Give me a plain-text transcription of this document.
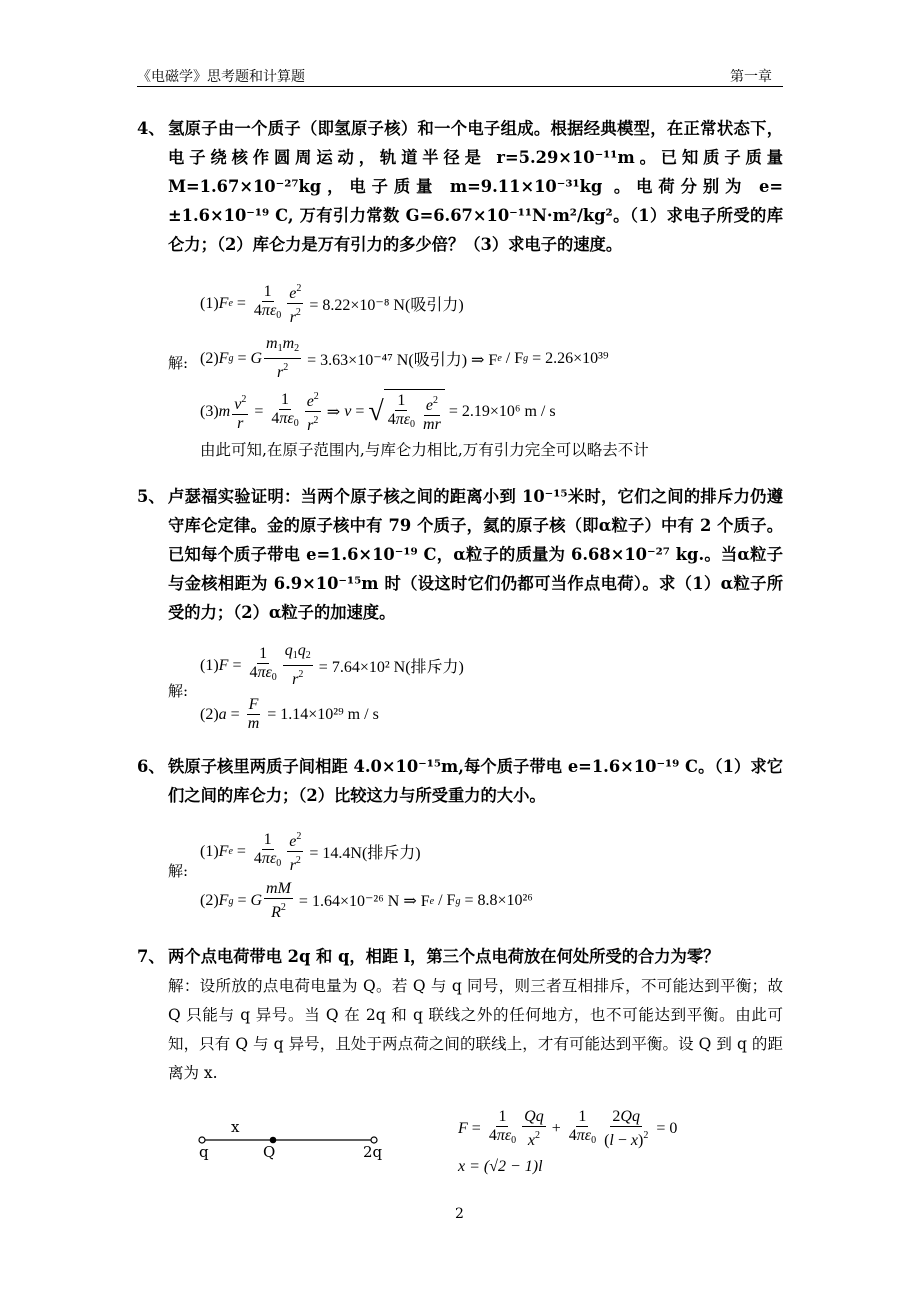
《电磁学》思考题和计算题	第一章
4、 氢原子由一个质子（即氢原子核）和一个电子组成。根据经典模型，在正常状态下，电子绕核作圆周运动，轨道半径是 r=5.29×10⁻¹¹m。已知质子质量 M=1.67×10⁻²⁷kg，电子质量 m=9.11×10⁻³¹kg 。电荷分别为 e= ±1.6×10⁻¹⁹ C, 万有引力常数 G=6.67×10⁻¹¹N·m²/kg²。（1）求电子所受的库仑力；（2）库仑力是万有引力的多少倍？（3）求电子的速度。
(1) F $e = \frac{1}{4\pi\varepsilon_0} \frac{e^2}{r^2}$
= 8.22×10⁻⁸ N(吸引力)
解: (2) F g = G $\frac{m_1m_2}{r^2}$
= 3.63×10⁻⁴⁷ N(吸引力) ⇒ F e
/ F g
= 2.26×10³⁹
(3) m $\frac{v^2}{r} = \frac{1}{4\pi\varepsilon_0} \frac{e^2}{r^2}$ ⇒ v = √ $\frac{1}{4\pi\varepsilon_0} \frac{e^2}{mr}$
= 2.19×10⁶ m / s
由此可知,在原子范围内,与库仑力相比,万有引力完全可以略去不计
5、 卢瑟福实验证明：当两个原子核之间的距离小到 10⁻¹⁵米时，它们之间的排斥力仍遵守库仑定律。金的原子核中有 79 个质子，氦的原子核（即α粒子）中有 2 个质子。已知每个质子带电 e=1.6×10⁻¹⁹ C，α粒子的质量为 6.68×10⁻²⁷ kg.。当α粒子与金核相距为 6.9×10⁻¹⁵m 时（设这时它们仍都可当作点电荷）。求（1）α粒子所受的力；（2）α粒子的加速度。
(1) $F = \frac{1}{4\pi\varepsilon_0} \frac{q_1q_2}{r^2}$
= 7.64×10² N(排斥力)
解:
(2) $a = \frac{F}{m}$
= 1.14×10²⁹ m / s
6、 铁原子核里两质子间相距 4.0×10⁻¹⁵m,每个质子带电 e=1.6×10⁻¹⁹ C。（1）求它们之间的库仑力；（2）比较这力与所受重力的大小。
(1) F $e = \frac{1}{4\pi\varepsilon_0} \frac{e^2}{r^2}$
= 14.4N(排斥力)
解:
(2) F g = G $\frac{mM}{R^2}$
= 1.64×10⁻²⁶ N ⇒ F e
/ F g
= 8.8×10²⁶
7、 两个点电荷带电 2q 和 q，相距 l，第三个点电荷放在何处所受的合力为零？
解：设所放的点电荷电量为 Q。若 Q 与 q 同号，则三者互相排斥，不可能达到平衡；故 Q 只能与 q 异号。当 Q 在 2q 和 q 联线之外的任何地方，也不可能达到平衡。由此可知，只有 Q 与 q 异号，且处于两点荷之间的联线上，才有可能达到平衡。设 Q 到 q 的距离为 x.
x
q	Q	2q
$F = \frac{1}{4\pi\varepsilon_0} \frac{Qq}{x^2} + \frac{1}{4\pi\varepsilon_0} \frac{2Qq}{(l - x)^2}$
= 0
x = (√2 − 1)l
2
